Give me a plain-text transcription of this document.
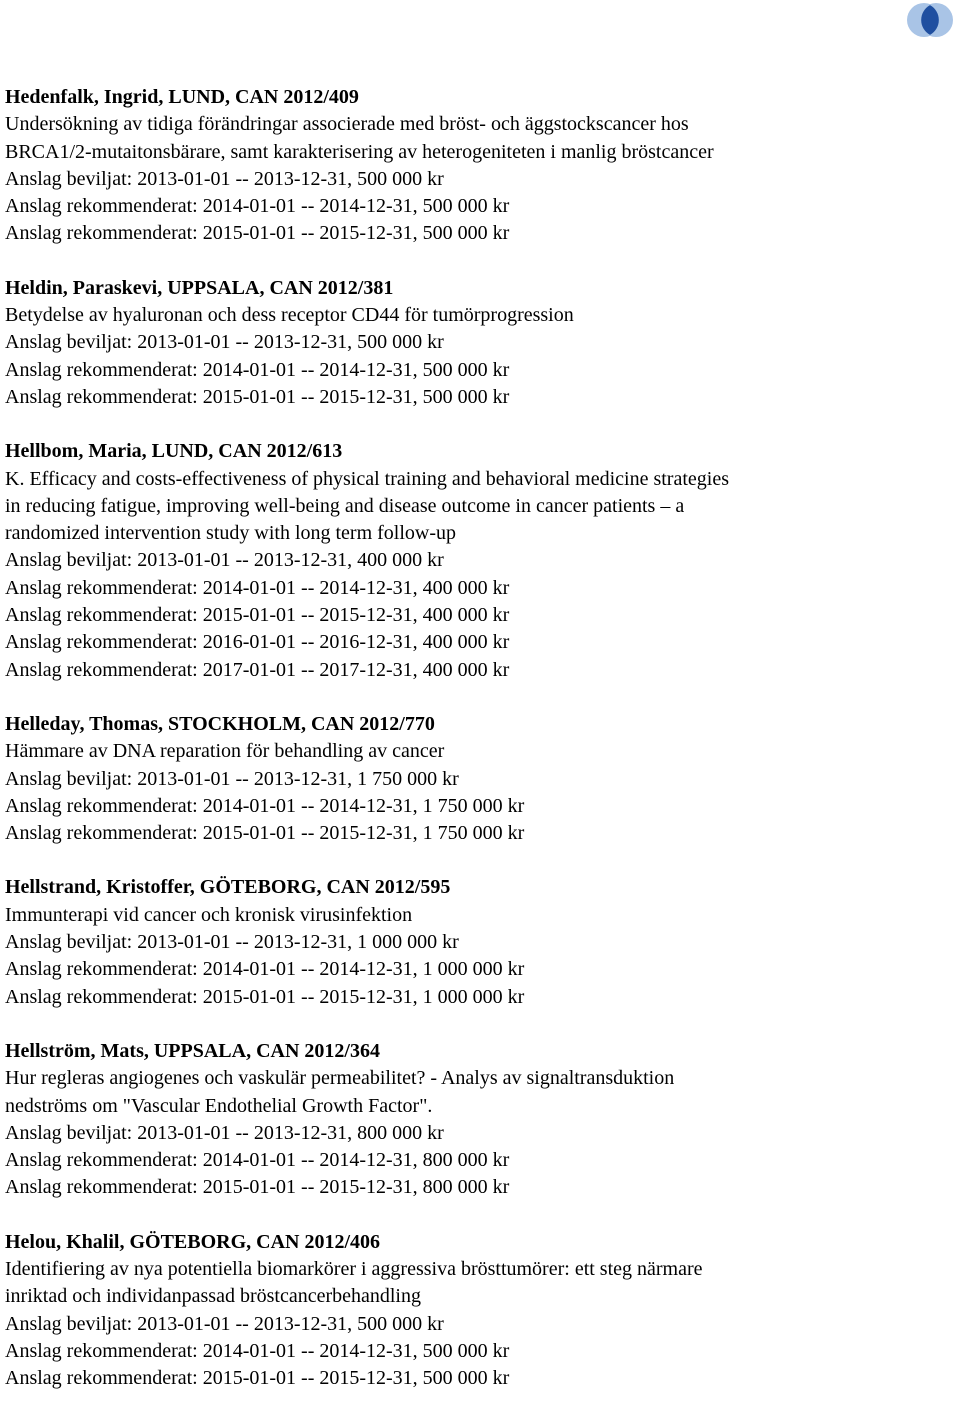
Hedenfalk, Ingrid, LUND, CAN 2012/409
Undersökning av tidiga förändringar associerade med bröst- och äggstockscancer hos
BRCA1/2-mutaitonsbärare, samt karakterisering av heterogeniteten i manlig bröstcancer
Anslag beviljat: 2013-01-01 -- 2013-12-31, 500 000 kr
Anslag rekommenderat: 2014-01-01 -- 2014-12-31, 500 000 kr
Anslag rekommenderat: 2015-01-01 -- 2015-12-31, 500 000 kr
Heldin, Paraskevi, UPPSALA, CAN 2012/381
Betydelse av hyaluronan och dess receptor CD44 för tumörprogression
Anslag beviljat: 2013-01-01 -- 2013-12-31, 500 000 kr
Anslag rekommenderat: 2014-01-01 -- 2014-12-31, 500 000 kr
Anslag rekommenderat: 2015-01-01 -- 2015-12-31, 500 000 kr
Hellbom, Maria, LUND, CAN 2012/613
K. Efficacy and costs-effectiveness of physical training and behavioral medicine strategies
in reducing fatigue, improving well-being and disease outcome in cancer patients – a
randomized intervention study with long term follow-up
Anslag beviljat: 2013-01-01 -- 2013-12-31, 400 000 kr
Anslag rekommenderat: 2014-01-01 -- 2014-12-31, 400 000 kr
Anslag rekommenderat: 2015-01-01 -- 2015-12-31, 400 000 kr
Anslag rekommenderat: 2016-01-01 -- 2016-12-31, 400 000 kr
Anslag rekommenderat: 2017-01-01 -- 2017-12-31, 400 000 kr
Helleday, Thomas, STOCKHOLM, CAN 2012/770
Hämmare av DNA reparation för behandling av cancer
Anslag beviljat: 2013-01-01 -- 2013-12-31, 1 750 000 kr
Anslag rekommenderat: 2014-01-01 -- 2014-12-31, 1 750 000 kr
Anslag rekommenderat: 2015-01-01 -- 2015-12-31, 1 750 000 kr
Hellstrand, Kristoffer, GÖTEBORG, CAN 2012/595
Immunterapi vid cancer och kronisk virusinfektion
Anslag beviljat: 2013-01-01 -- 2013-12-31, 1 000 000 kr
Anslag rekommenderat: 2014-01-01 -- 2014-12-31, 1 000 000 kr
Anslag rekommenderat: 2015-01-01 -- 2015-12-31, 1 000 000 kr
Hellström, Mats, UPPSALA, CAN 2012/364
Hur regleras angiogenes och vaskulär permeabilitet? - Analys av signaltransduktion
nedströms om "Vascular Endothelial Growth Factor".
Anslag beviljat: 2013-01-01 -- 2013-12-31, 800 000 kr
Anslag rekommenderat: 2014-01-01 -- 2014-12-31, 800 000 kr
Anslag rekommenderat: 2015-01-01 -- 2015-12-31, 800 000 kr
Helou, Khalil, GÖTEBORG, CAN 2012/406
Identifiering av nya potentiella biomarkörer i aggressiva brösttumörer: ett steg närmare
inriktad och individanpassad bröstcancerbehandling
Anslag beviljat: 2013-01-01 -- 2013-12-31, 500 000 kr
Anslag rekommenderat: 2014-01-01 -- 2014-12-31, 500 000 kr
Anslag rekommenderat: 2015-01-01 -- 2015-12-31, 500 000 kr
